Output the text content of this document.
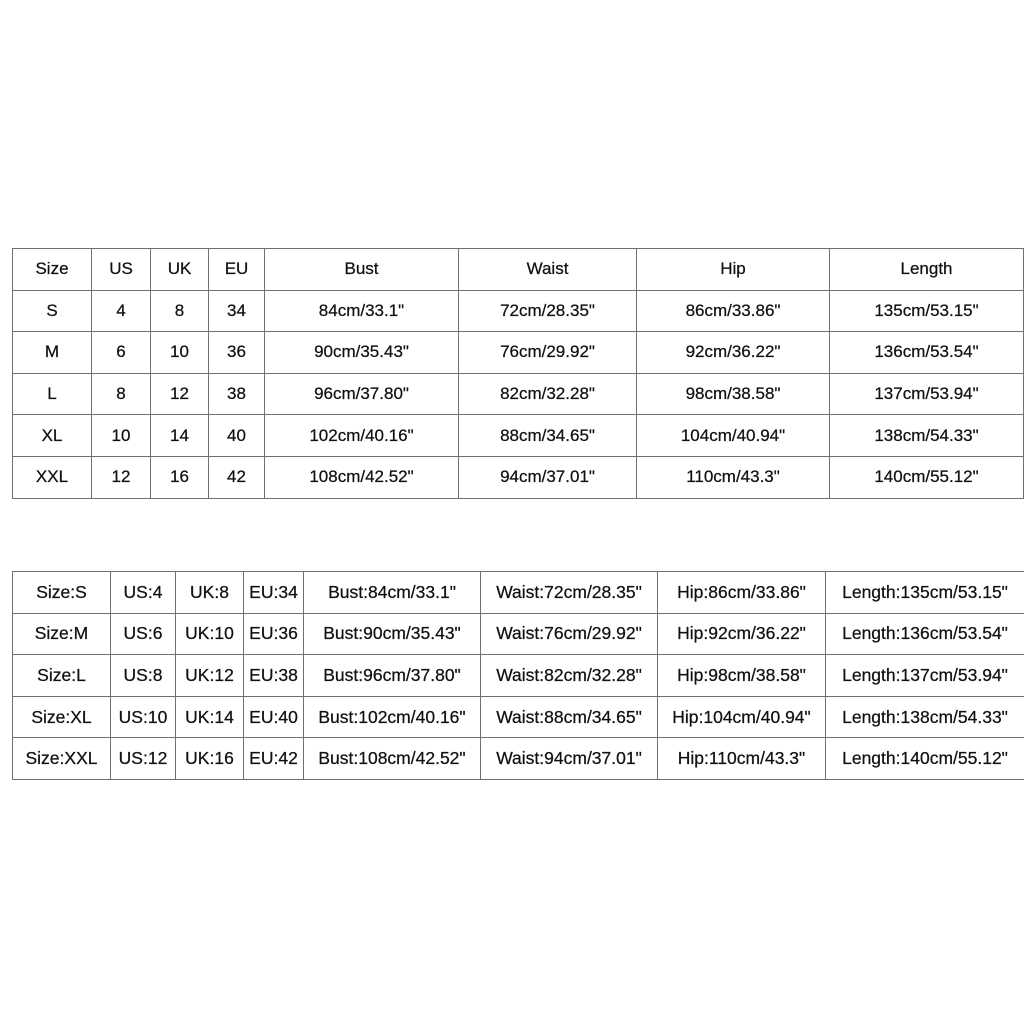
Size	US	UK	EU	Bust	Waist	Hip	Length
S	4	8	34	84cm/33.1"	72cm/28.35"	86cm/33.86"	135cm/53.15"
M	6	10	36	90cm/35.43"	76cm/29.92"	92cm/36.22"	136cm/53.54"
L	8	12	38	96cm/37.80"	82cm/32.28"	98cm/38.58"	137cm/53.94"
XL	10	14	40	102cm/40.16"	88cm/34.65"	104cm/40.94"	138cm/54.33"
XXL	12	16	42	108cm/42.52"	94cm/37.01"	110cm/43.3"	140cm/55.12"
Size:S	US:4	UK:8	EU:34	Bust:84cm/33.1"	Waist:72cm/28.35"	Hip:86cm/33.86"	Length:135cm/53.15"
Size:M	US:6	UK:10	EU:36	Bust:90cm/35.43"	Waist:76cm/29.92"	Hip:92cm/36.22"	Length:136cm/53.54"
Size:L	US:8	UK:12	EU:38	Bust:96cm/37.80"	Waist:82cm/32.28"	Hip:98cm/38.58"	Length:137cm/53.94"
Size:XL	US:10	UK:14	EU:40	Bust:102cm/40.16"	Waist:88cm/34.65"	Hip:104cm/40.94"	Length:138cm/54.33"
Size:XXL	US:12	UK:16	EU:42	Bust:108cm/42.52"	Waist:94cm/37.01"	Hip:110cm/43.3"	Length:140cm/55.12"
